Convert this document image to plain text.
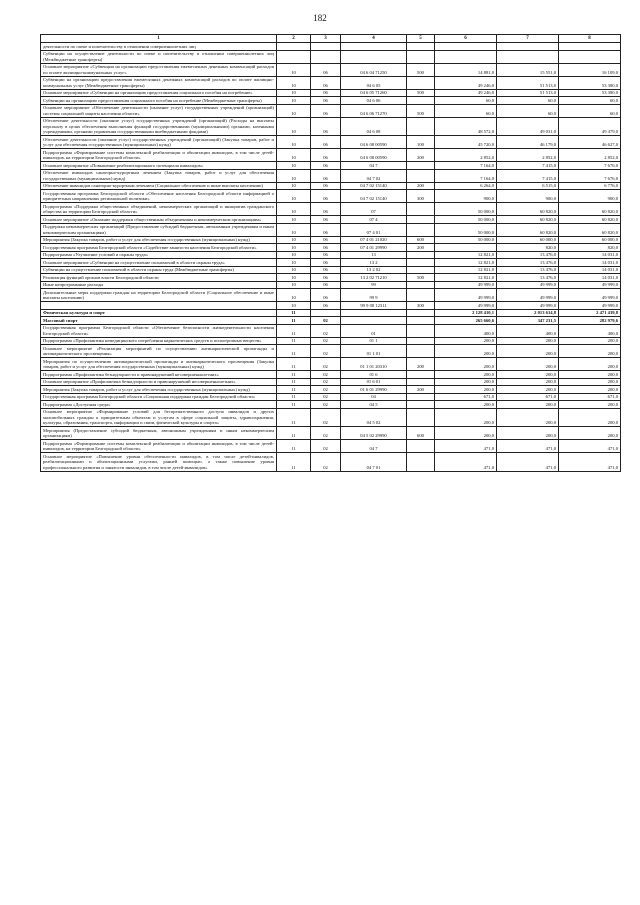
182
1	2	3	4	5	6	7	8
деятельности по опеке и попечительству в отношении совершеннолетних лиц							
Субвенции на осуществление деятельности по опеке и попечительству в отношении совершеннолетних лиц (Межбюджетные трансферты)							
Основное мероприятие «Субвенции на организацию предоставления ежемесячных денежных компенсаций расходов по оплате жилищно-коммунальных услуг»	10	06	04 6 04 71250	500	14 881,0	15 551,0	16 109,0
Субвенции на организацию предоставления ежемесячных денежных компенсаций расходов по оплате жилищно-коммунальных услуг (Межбюджетные трансферты)	10	06	04 6 05		49 246,0	51 513,0	53 380,0
Основное мероприятие «Субвенции на организацию предоставления социального пособия на погребение»	10	06	04 6 05 71260	500	49 246,0	51 513,0	53 380,0
Субвенции на организацию предоставления социального пособия на погребение (Межбюджетные трансферты)	10	06	04 6 06		60,0	60,0	60,0
Основное мероприятие «Обеспечение деятельности (оказание услуг) государственных учреждений (организаций) системы социальной защиты населения области»	10	06	04 6 06 71270	500	60,0	60,0	60,0
Обеспечение деятельности (оказание услуг) государственных учреждений (организаций) (Расходы на выплаты персоналу в целях обеспечения выполнения функций государственными (муниципальными) органами, казенными учреждениями, органами управления государственными внебюджетными фондами)	10	06	04 6 08		48 572,0	49 031,0	49 479,0
Обеспечение деятельности (оказание услуг) государственных учреждений (организаций) (Закупка товаров, работ и услуг для обеспечения государственных (муниципальных) нужд)	10	06	04 6 08 00590	100	45 720,0	46 179,0	46 627,0
Подпрограмма «Формирование системы комплексной реабилитации и абилитации инвалидов, в том числе детей-инвалидов, на территории Белгородской области»	10	06	04 6 08 00590	200	2 852,0	2 852,0	2 852,0
Основное мероприятие «Повышение реабилитационного потенциала инвалидов»	10	06	04 7		7 164,0	7 415,0	7 676,0
Обеспечение инвалидов санаторно-курортным лечением (Закупка товаров, работ и услуг для обеспечения государственных (муниципальных) нужд)	10	06	04 7 02		7 164,0	7 415,0	7 676,0
Обеспечение инвалидов санаторно-курортным лечением (Социальное обеспечение и иные выплаты населению)	10	06	04 7 02 15140	200	6 264,0	6 515,0	6 776,0
Государственная программа Белгородской области «Обеспечение населения Белгородской области информацией о приоритетных направлениях региональной политики»	10	06	04 7 02 15140	300	900,0	900,0	900,0
Подпрограмма «Поддержка общественных объединений, некоммерческих организаций и инициатив гражданского общества на территории Белгородской области»	10	06	07		50 000,0	60 820,0	60 820,0
Основное мероприятие «Оказание поддержки общественным объединениям и некоммерческим организациям»	10	06	07 4		50 000,0	60 820,0	60 820,0
Поддержка некоммерческих организаций (Предоставление субсидий бюджетным, автономным учреждениям и иным некоммерческим организациям)	10	06	07 4 01		50 000,0	60 820,0	60 820,0
Мероприятия (Закупка товаров, работ и услуг для обеспечения государственных (муниципальных) нужд)	10	06	07 4 01 21020	600	50 000,0	60 000,0	60 000,0
Государственная программа Белгородской области «Содействие занятости населения Белгородской области»	10	06	07 4 01 29990	200		820,0	820,0
Подпрограмма «Улучшение условий и охраны труда»	10	06	13		12 821,0	13 476,0	14 031,0
Основное мероприятие «Субвенции на осуществление полномочий в области охраны труда»	10	06	13 2		12 821,0	13 476,0	14 031,0
Субвенции на осуществление полномочий в области охраны труда (Межбюджетные трансферты)	10	06	13 2 02		12 821,0	13 476,0	14 031,0
Реализация функций органов власти Белгородской области	10	06	13 2 02 71210	500	12 821,0	13 476,0	14 031,0
Иные непрограммные расходы	10	06	99		49 999,0	49 999,0	49 999,0
Дополнительные меры поддержки граждан на территории Белгородской области (Социальное обеспечение и иные выплаты населению)	10	06	99 9		49 999,0	49 999,0	49 999,0
	10	06	99 9 00 12311	300	49 999,0	49 999,0	49 999,0
Физическая культура и спорт	11				2 128 410,1	2 013 614,8	2 471 439,8
Массовый спорт	11	02			265 660,6	347 231,5	282 979,6
Государственная программа Белгородской области «Обеспечение безопасности жизнедеятельности населения Белгородской области»	11	02	01		400,0	400,0	400,0
Подпрограмма «Профилактика немедицинского потребления наркотических средств и психотропных веществ»	11	02	01 1		200,0	200,0	200,0
Основное мероприятие «Реализация мероприятий по осуществлению антинаркотической пропаганды и антинаркотического просвещения»	11	02	01 1 01		200,0	200,0	200,0
Мероприятия по осуществлению антинаркотической пропаганды и антинаркотического просвещения (Закупка товаров, работ и услуг для обеспечения государственных (муниципальных) нужд)	11	02	01 1 01 20310	200	200,0	200,0	200,0
Подпрограмма «Профилактика безнадзорности и правонарушений несовершеннолетних»	11	02	01 6		200,0	200,0	200,0
Основное мероприятие «Профилактика безнадзорности и правонарушений несовершеннолетних»	11	02	01 6 01		200,0	200,0	200,0
Мероприятия (Закупка товаров, работ и услуг для обеспечения государственных (муниципальных) нужд)	11	02	01 6 01 29990	200	200,0	200,0	200,0
Государственная программа Белгородской области «Социальная поддержка граждан Белгородской области»	11	02	04		671,0	671,0	671,0
Подпрограмма «Доступная среда»	11	02	04 5		200,0	200,0	200,0
Основное мероприятие «Формирование условий для беспрепятственного доступа инвалидов и других маломобильных граждан к приоритетным объектам и услугам в сфере социальной защиты, здравоохранения, культуры, образования, транспорта, информации и связи, физической культуры и спорта»	11	02	04 5 02		200,0	200,0	200,0
Мероприятия (Предоставление субсидий бюджетным, автономным учреждениям и иным некоммерческим организациям)	11	02	04 5 02 29990	600	200,0	200,0	200,0
Подпрограмма «Формирование системы комплексной реабилитации и абилитации инвалидов, в том числе детей-инвалидов, на территории Белгородской области»	11	02	04 7		471,0	471,0	471,0
Основное мероприятие «Повышение уровня обеспеченности инвалидов, в том числе детей-инвалидов, реабилитационными и абилитационными услугами, ранней помощью, а также повышение уровня профессионального развития и занятости инвалидов, в том числе детей-инвалидов»	11	02	04 7 01		471,0	471,0	471,0
